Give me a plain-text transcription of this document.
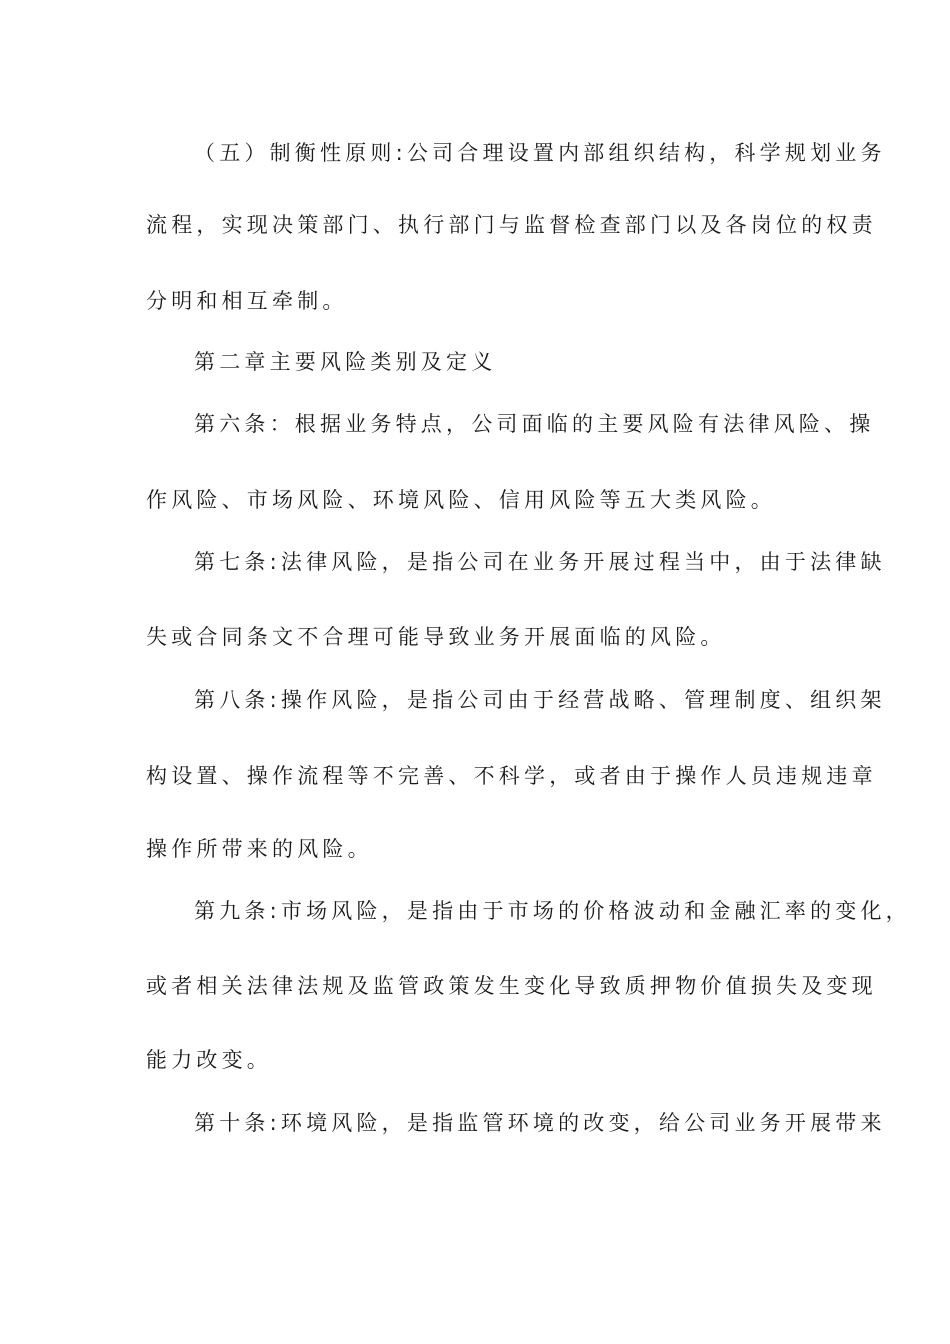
（五）制衡性原则:公司合理设置内部组织结构，科学规划业务
流程，实现决策部门、执行部门与监督检查部门以及各岗位的权责
分明和相互牵制。
第二章主要风险类别及定义
第六条：根据业务特点，公司面临的主要风险有法律风险、操
作风险、市场风险、环境风险、信用风险等五大类风险。
第七条:法律风险，是指公司在业务开展过程当中，由于法律缺
失或合同条文不合理可能导致业务开展面临的风险。
第八条:操作风险，是指公司由于经营战略、管理制度、组织架
构设置、操作流程等不完善、不科学，或者由于操作人员违规违章
操作所带来的风险。
第九条:市场风险，是指由于市场的价格波动和金融汇率的变化，
或者相关法律法规及监管政策发生变化导致质押物价值损失及变现
能力改变。
第十条:环境风险，是指监管环境的改变，给公司业务开展带来
